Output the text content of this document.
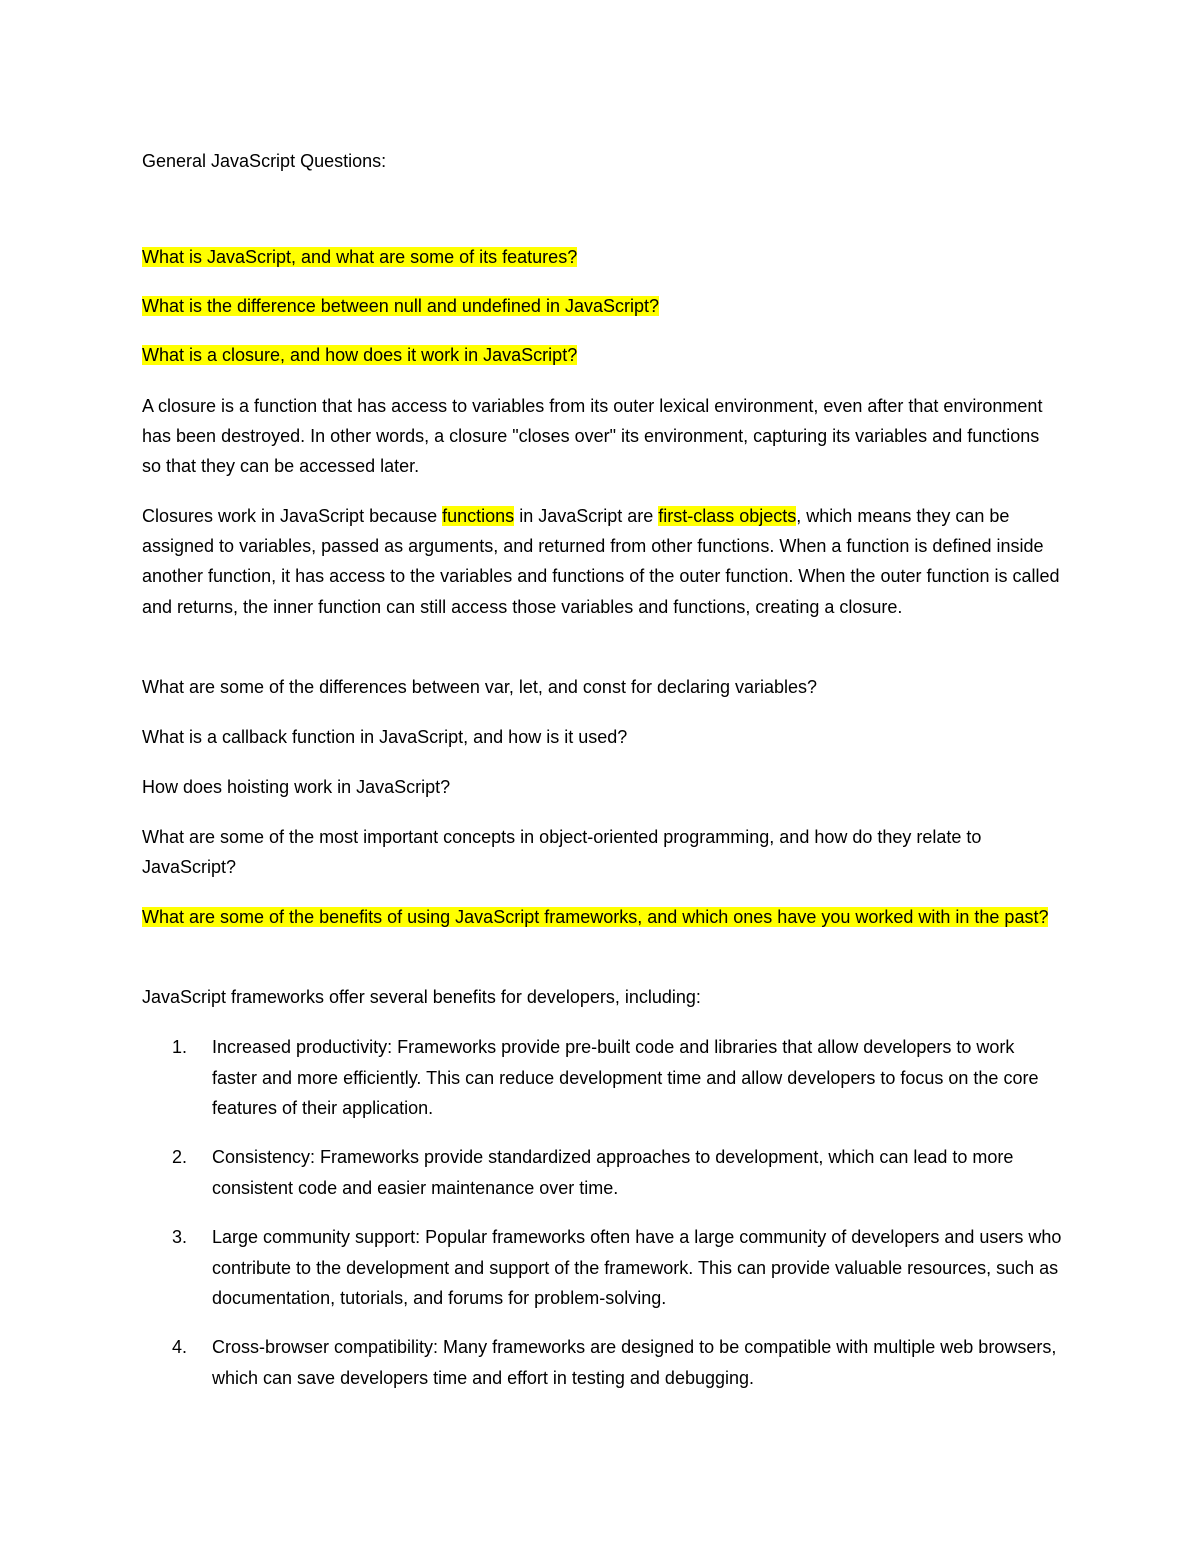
General JavaScript Questions:
What is JavaScript, and what are some of its features?
What is the difference between null and undefined in JavaScript?
What is a closure, and how does it work in JavaScript?
A closure is a function that has access to variables from its outer lexical environment, even after that environment has been destroyed. In other words, a closure "closes over" its environment, capturing its variables and functions so that they can be accessed later.
Closures work in JavaScript because functions in JavaScript are first-class objects, which means they can be assigned to variables, passed as arguments, and returned from other functions. When a function is defined inside another function, it has access to the variables and functions of the outer function. When the outer function is called and returns, the inner function can still access those variables and functions, creating a closure.
What are some of the differences between var, let, and const for declaring variables?
What is a callback function in JavaScript, and how is it used?
How does hoisting work in JavaScript?
What are some of the most important concepts in object-oriented programming, and how do they relate to JavaScript?
What are some of the benefits of using JavaScript frameworks, and which ones have you worked with in the past?
JavaScript frameworks offer several benefits for developers, including:
1. Increased productivity: Frameworks provide pre-built code and libraries that allow developers to work faster and more efficiently. This can reduce development time and allow developers to focus on the core features of their application.
2. Consistency: Frameworks provide standardized approaches to development, which can lead to more consistent code and easier maintenance over time.
3. Large community support: Popular frameworks often have a large community of developers and users who contribute to the development and support of the framework. This can provide valuable resources, such as documentation, tutorials, and forums for problem-solving.
4. Cross-browser compatibility: Many frameworks are designed to be compatible with multiple web browsers, which can save developers time and effort in testing and debugging.
